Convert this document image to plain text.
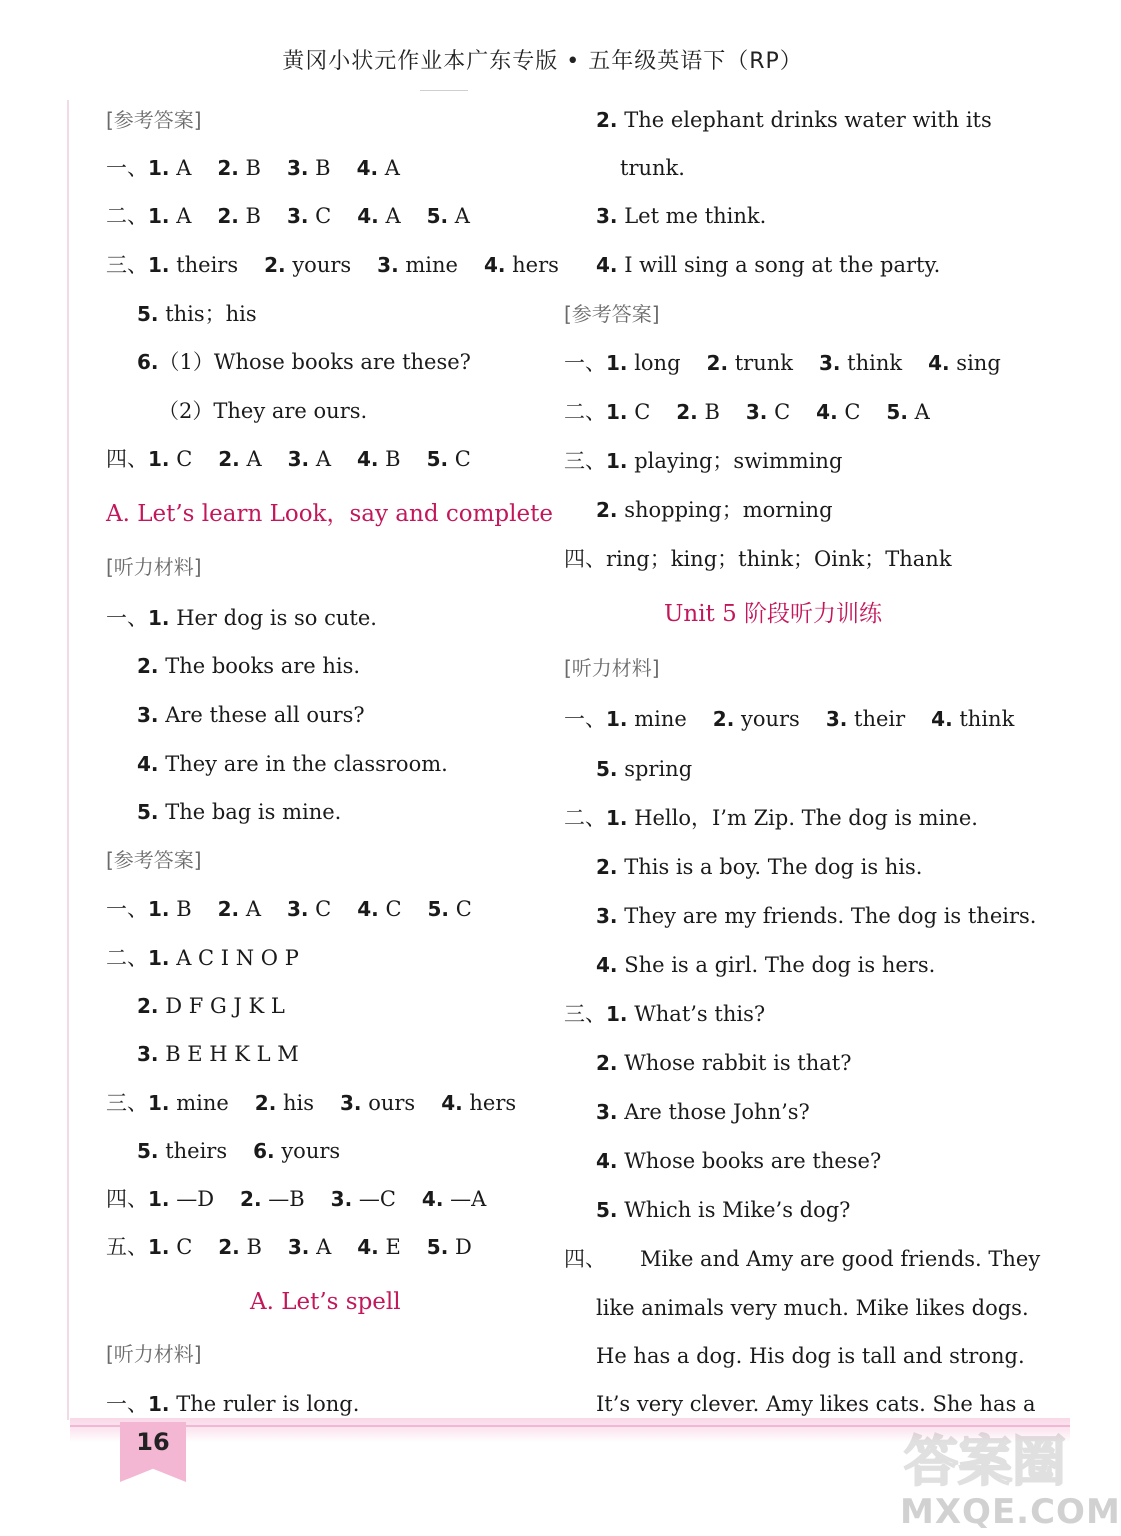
黄冈小状元作业本广东专版 • 五年级英语下（RP）
[参考答案]
一、1. A 2. B 3. B 4. A
二、1. A 2. B 3. C 4. A 5. A
三、1. theirs 2. yours 3. mine 4. hers
5. this；his
6.（1）Whose books are these?
（2）They are ours.
四、1. C 2. A 3. A 4. B 5. C
A. Let’s learn Look，say and complete
[听力材料]
一、1. Her dog is so cute.
2. The books are his.
3. Are these all ours?
4. They are in the classroom.
5. The bag is mine.
[参考答案]
一、1. B 2. A 3. C 4. C 5. C
二、1. A C I N O P
2. D F G J K L
3. B E H K L M
三、1. mine 2. his 3. ours 4. hers
5. theirs 6. yours
四、1. —D 2. —B 3. —C 4. —A
五、1. C 2. B 3. A 4. E 5. D
A. Let’s spell
[听力材料]
一、1. The ruler is long.
2. The elephant drinks water with its
trunk.
3. Let me think.
4. I will sing a song at the party.
[参考答案]
一、1. long 2. trunk 3. think 4. sing
二、1. C 2. B 3. C 4. C 5. A
三、1. playing；swimming
2. shopping；morning
四、ring；king；think；Oink；Thank
Unit 5 阶段听力训练
[听力材料]
一、1. mine 2. yours 3. their 4. think
5. spring
二、1. Hello，I’m Zip. The dog is mine.
2. This is a boy. The dog is his.
3. They are my friends. The dog is theirs.
4. She is a girl. The dog is hers.
三、1. What’s this?
2. Whose rabbit is that?
3. Are those John’s?
4. Whose books are these?
5. Which is Mike’s dog?
四、 Mike and Amy are good friends. They
like animals very much. Mike likes dogs.
He has a dog. His dog is tall and strong.
It’s very clever. Amy likes cats. She has a
16	答案圈
MXQE.COM
